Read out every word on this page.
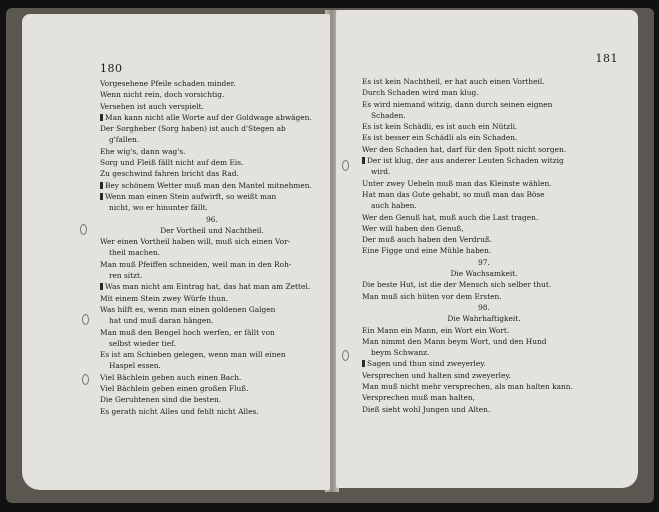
180
Vorgesehene Pfeile schaden minder.
Wenn nicht rein, doch vorsichtig.
Versehen ist auch verspielt.
Man kann nicht alle Worte auf der Goldwage abwägen.
Der Sorgheber (Sorg haben) ist auch d'Stegen ab
g'fallen.
Ehe wig's, dann wag's.
Sorg und Fleiß fällt nicht auf dem Eis.
Zu geschwind fahren bricht das Rad.
Bey schönem Wetter muß man den Mantel mitnehmen.
Wenn man einen Stein aufwirft, so weißt man
nicht, wo er hinunter fällt.
96.
Der Vortheil und Nachtheil.
Wer einen Vortheil haben will, muß sich einen Vor-
theil machen.
Man muß Pfeiffen schneiden, weil man in den Roh-
ren sitzt.
Was man nicht am Eintrag hat, das hat man am Zettel.
Mit einem Stein zwey Würfe thun.
Was hilft es, wenn man einen goldenen Galgen
hat und muß daran hängen.
Man muß den Bengel hoch werfen, er fällt von
selbst wieder tief.
Es ist am Schieben gelegen, wenn man will einen
Haspel essen.
Viel Bächlein geben auch einen Bach.
Viel Bächlein geben einen großen Fluß.
Die Geruhtenen sind die besten.
Es gerath nicht Alles und fehlt nicht Alles.
181
Es ist kein Nachtheil, er hat auch einen Vortheil.
Durch Schaden wird man klug.
Es wird niemand witzig, dann durch seinen eignen
Schaden.
Es ist kein Schädli, es ist auch ein Nützli.
Es ist besser ein Schädli als ein Schaden.
Wer den Schaden hat, darf für den Spott nicht sorgen.
Der ist klug, der aus anderer Leuten Schaden witzig
wird.
Unter zwey Uebeln muß man das Kleinste wählen.
Hat man das Gute gehabt, so muß man das Böse
auch haben.
Wer den Genuß hat, muß auch die Last tragen.
Wer will haben den Genuß,
Der muß auch haben den Verdruß.
Eine Figge und eine Mühle haben.
97.
Die Wachsamkeit.
Die beste Hut, ist die der Mensch sich selber thut.
Man muß sich hüten vor dem Ersten.
98.
Die Wahrhaftigkeit.
Ein Mann ein Mann, ein Wort ein Wort.
Man nimmt den Mann beym Wort, und den Hund
beym Schwanz.
Sagen und thun sind zweyerley.
Versprechen und halten sind zweyerley.
Man muß nicht mehr versprechen, als man halten kann.
Versprechen muß man halten,
Dieß sieht wohl Jungen und Alten.
